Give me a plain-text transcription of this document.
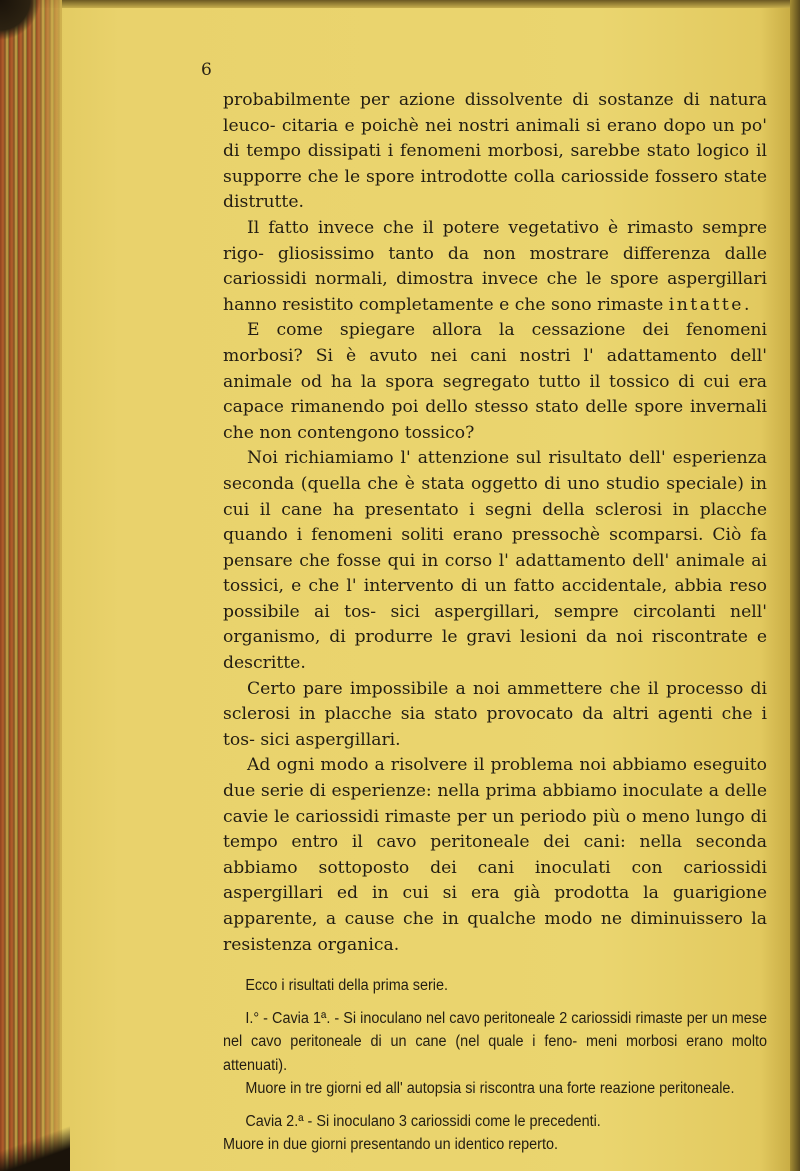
6

probabilmente per azione dissolvente di sostanze di natura leuco- citaria e poichè nei nostri animali si erano dopo un po' di tempo dissipati i fenomeni morbosi, sarebbe stato logico il supporre che le spore introdotte colla cariosside fossero state distrutte.

Il fatto invece che il potere vegetativo è rimasto sempre rigo- gliosissimo tanto da non mostrare differenza dalle cariossidi normali, dimostra invece che le spore aspergillari hanno resistito completamente e che sono rimaste intatte.

E come spiegare allora la cessazione dei fenomeni morbosi? Si è avuto nei cani nostri l' adattamento dell' animale od ha la spora segregato tutto il tossico di cui era capace rimanendo poi dello stesso stato delle spore invernali che non contengono tossico?

Noi richiamiamo l' attenzione sul risultato dell' esperienza seconda (quella che è stata oggetto di uno studio speciale) in cui il cane ha presentato i segni della sclerosi in placche quando i fenomeni soliti erano pressochè scomparsi. Ciò fa pensare che fosse qui in corso l' adattamento dell' animale ai tossici, e che l' intervento di un fatto accidentale, abbia reso possibile ai tos- sici aspergillari, sempre circolanti nell' organismo, di produrre le gravi lesioni da noi riscontrate e descritte.

Certo pare impossibile a noi ammettere che il processo di sclerosi in placche sia stato provocato da altri agenti che i tos- sici aspergillari.

Ad ogni modo a risolvere il problema noi abbiamo eseguito due serie di esperienze: nella prima abbiamo inoculate a delle cavie le cariossidi rimaste per un periodo più o meno lungo di tempo entro il cavo peritoneale dei cani: nella seconda abbiamo sottoposto dei cani inoculati con cariossidi aspergillari ed in cui si era già prodotta la guarigione apparente, a cause che in qualche modo ne diminuissero la resistenza organica.

Ecco i risultati della prima serie.

I.° - Cavia 1ª. - Si inoculano nel cavo peritoneale 2 cariossidi rimaste per un mese nel cavo peritoneale di un cane (nel quale i feno- meni morbosi erano molto attenuati).

Muore in tre giorni ed all' autopsia si riscontra una forte reazione peritoneale.

Cavia 2.ª - Si inoculano 3 cariossidi come le precedenti.

Muore in due giorni presentando un identico reperto.
